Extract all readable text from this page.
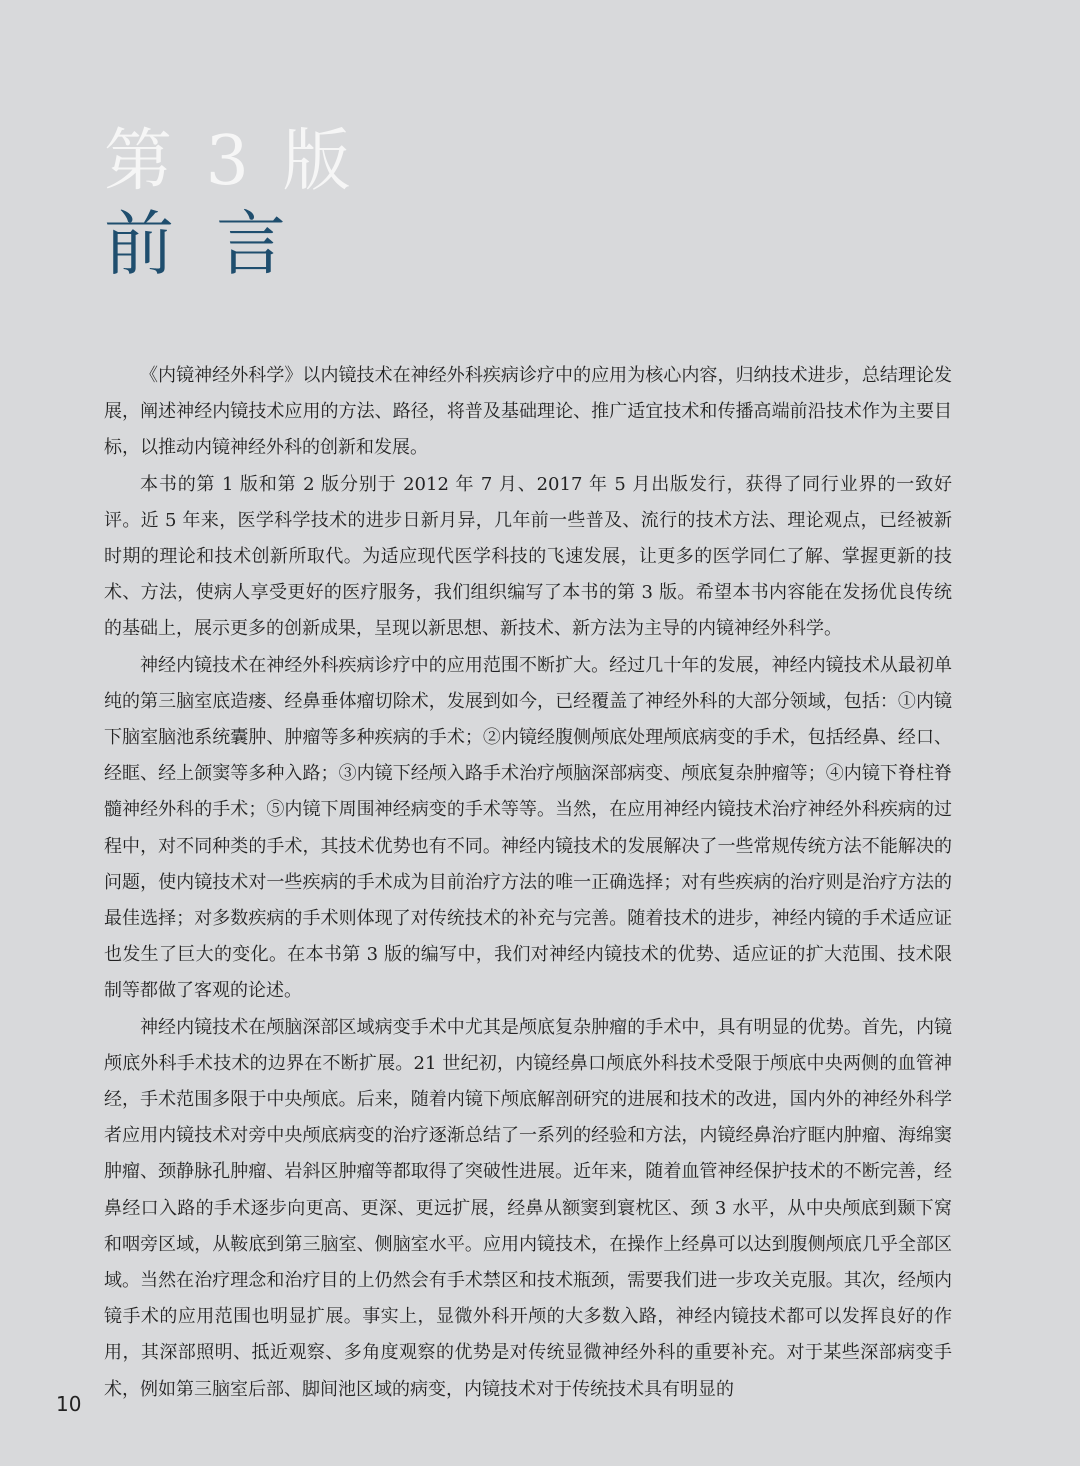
第 3 版
前言

《内镜神经外科学》以内镜技术在神经外科疾病诊疗中的应用为核心内容，归纳技术进步，总结理论发展，阐述神经内镜技术应用的方法、路径，将普及基础理论、推广适宜技术和传播高端前沿技术作为主要目标，以推动内镜神经外科的创新和发展。

本书的第 1 版和第 2 版分别于 2012 年 7 月、2017 年 5 月出版发行，获得了同行业界的一致好评。近 5 年来，医学科学技术的进步日新月异，几年前一些普及、流行的技术方法、理论观点，已经被新时期的理论和技术创新所取代。为适应现代医学科技的飞速发展，让更多的医学同仁了解、掌握更新的技术、方法，使病人享受更好的医疗服务，我们组织编写了本书的第 3 版。希望本书内容能在发扬优良传统的基础上，展示更多的创新成果，呈现以新思想、新技术、新方法为主导的内镜神经外科学。

神经内镜技术在神经外科疾病诊疗中的应用范围不断扩大。经过几十年的发展，神经内镜技术从最初单纯的第三脑室底造瘘、经鼻垂体瘤切除术，发展到如今，已经覆盖了神经外科的大部分领域，包括：①内镜下脑室脑池系统囊肿、肿瘤等多种疾病的手术；②内镜经腹侧颅底处理颅底病变的手术，包括经鼻、经口、经眶、经上颌窦等多种入路；③内镜下经颅入路手术治疗颅脑深部病变、颅底复杂肿瘤等；④内镜下脊柱脊髓神经外科的手术；⑤内镜下周围神经病变的手术等等。当然，在应用神经内镜技术治疗神经外科疾病的过程中，对不同种类的手术，其技术优势也有不同。神经内镜技术的发展解决了一些常规传统方法不能解决的问题，使内镜技术对一些疾病的手术成为目前治疗方法的唯一正确选择；对有些疾病的治疗则是治疗方法的最佳选择；对多数疾病的手术则体现了对传统技术的补充与完善。随着技术的进步，神经内镜的手术适应证也发生了巨大的变化。在本书第 3 版的编写中，我们对神经内镜技术的优势、适应证的扩大范围、技术限制等都做了客观的论述。

神经内镜技术在颅脑深部区域病变手术中尤其是颅底复杂肿瘤的手术中，具有明显的优势。首先，内镜颅底外科手术技术的边界在不断扩展。21 世纪初，内镜经鼻口颅底外科技术受限于颅底中央两侧的血管神经，手术范围多限于中央颅底。后来，随着内镜下颅底解剖研究的进展和技术的改进，国内外的神经外科学者应用内镜技术对旁中央颅底病变的治疗逐渐总结了一系列的经验和方法，内镜经鼻治疗眶内肿瘤、海绵窦肿瘤、颈静脉孔肿瘤、岩斜区肿瘤等都取得了突破性进展。近年来，随着血管神经保护技术的不断完善，经鼻经口入路的手术逐步向更高、更深、更远扩展，经鼻从额窦到寰枕区、颈 3 水平，从中央颅底到颞下窝和咽旁区域，从鞍底到第三脑室、侧脑室水平。应用内镜技术，在操作上经鼻可以达到腹侧颅底几乎全部区域。当然在治疗理念和治疗目的上仍然会有手术禁区和技术瓶颈，需要我们进一步攻关克服。其次，经颅内镜手术的应用范围也明显扩展。事实上，显微外科开颅的大多数入路，神经内镜技术都可以发挥良好的作用，其深部照明、抵近观察、多角度观察的优势是对传统显微神经外科的重要补充。对于某些深部病变手术，例如第三脑室后部、脚间池区域的病变，内镜技术对于传统技术具有明显的

10
